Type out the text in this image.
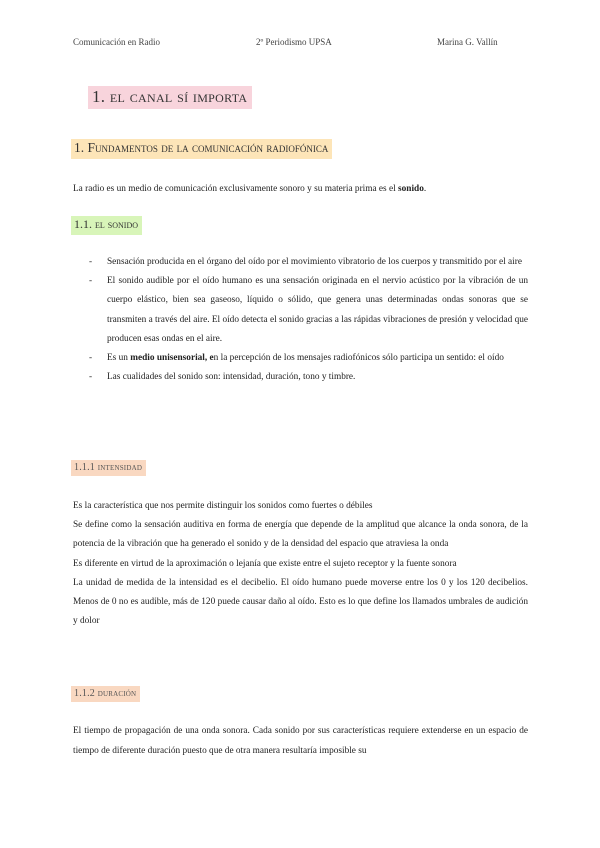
Comunicación en Radio	2º Periodismo UPSA	Marina G. Vallín
1. el canal sí importa
1. Fundamentos de la comunicación radiofónica

La radio es un medio de comunicación exclusivamente sonoro y su materia prima es el sonido.

1.1. el sonido
- Sensación producida en el órgano del oído por el movimiento vibratorio de los cuerpos y transmitido por el aire
- El sonido audible por el oído humano es una sensación originada en el nervio acústico por la vibración de un cuerpo elástico, bien sea gaseoso, líquido o sólido, que genera unas determinadas ondas sonoras que se transmiten a través del aire. El oído detecta el sonido gracias a las rápidas vibraciones de presión y velocidad que producen esas ondas en el aire.
- Es un medio unisensorial, en la percepción de los mensajes radiofónicos sólo participa un sentido: el oído
- Las cualidades del sonido son: intensidad, duración, tono y timbre.
1.1.1 intensidad

Es la característica que nos permite distinguir los sonidos como fuertes o débiles

Se define como la sensación auditiva en forma de energía que depende de la amplitud que alcance la onda sonora, de la potencia de la vibración que ha generado el sonido y de la densidad del espacio que atraviesa la onda

Es diferente en virtud de la aproximación o lejanía que existe entre el sujeto receptor y la fuente sonora

La unidad de medida de la intensidad es el decibelio. El oído humano puede moverse entre los 0 y los 120 decibelios. Menos de 0 no es audible, más de 120 puede causar daño al oído. Esto es lo que define los llamados umbrales de audición y dolor

1.1.2 duración

El tiempo de propagación de una onda sonora. Cada sonido por sus características requiere extenderse en un espacio de tiempo de diferente duración puesto que de otra manera resultaría imposible su
